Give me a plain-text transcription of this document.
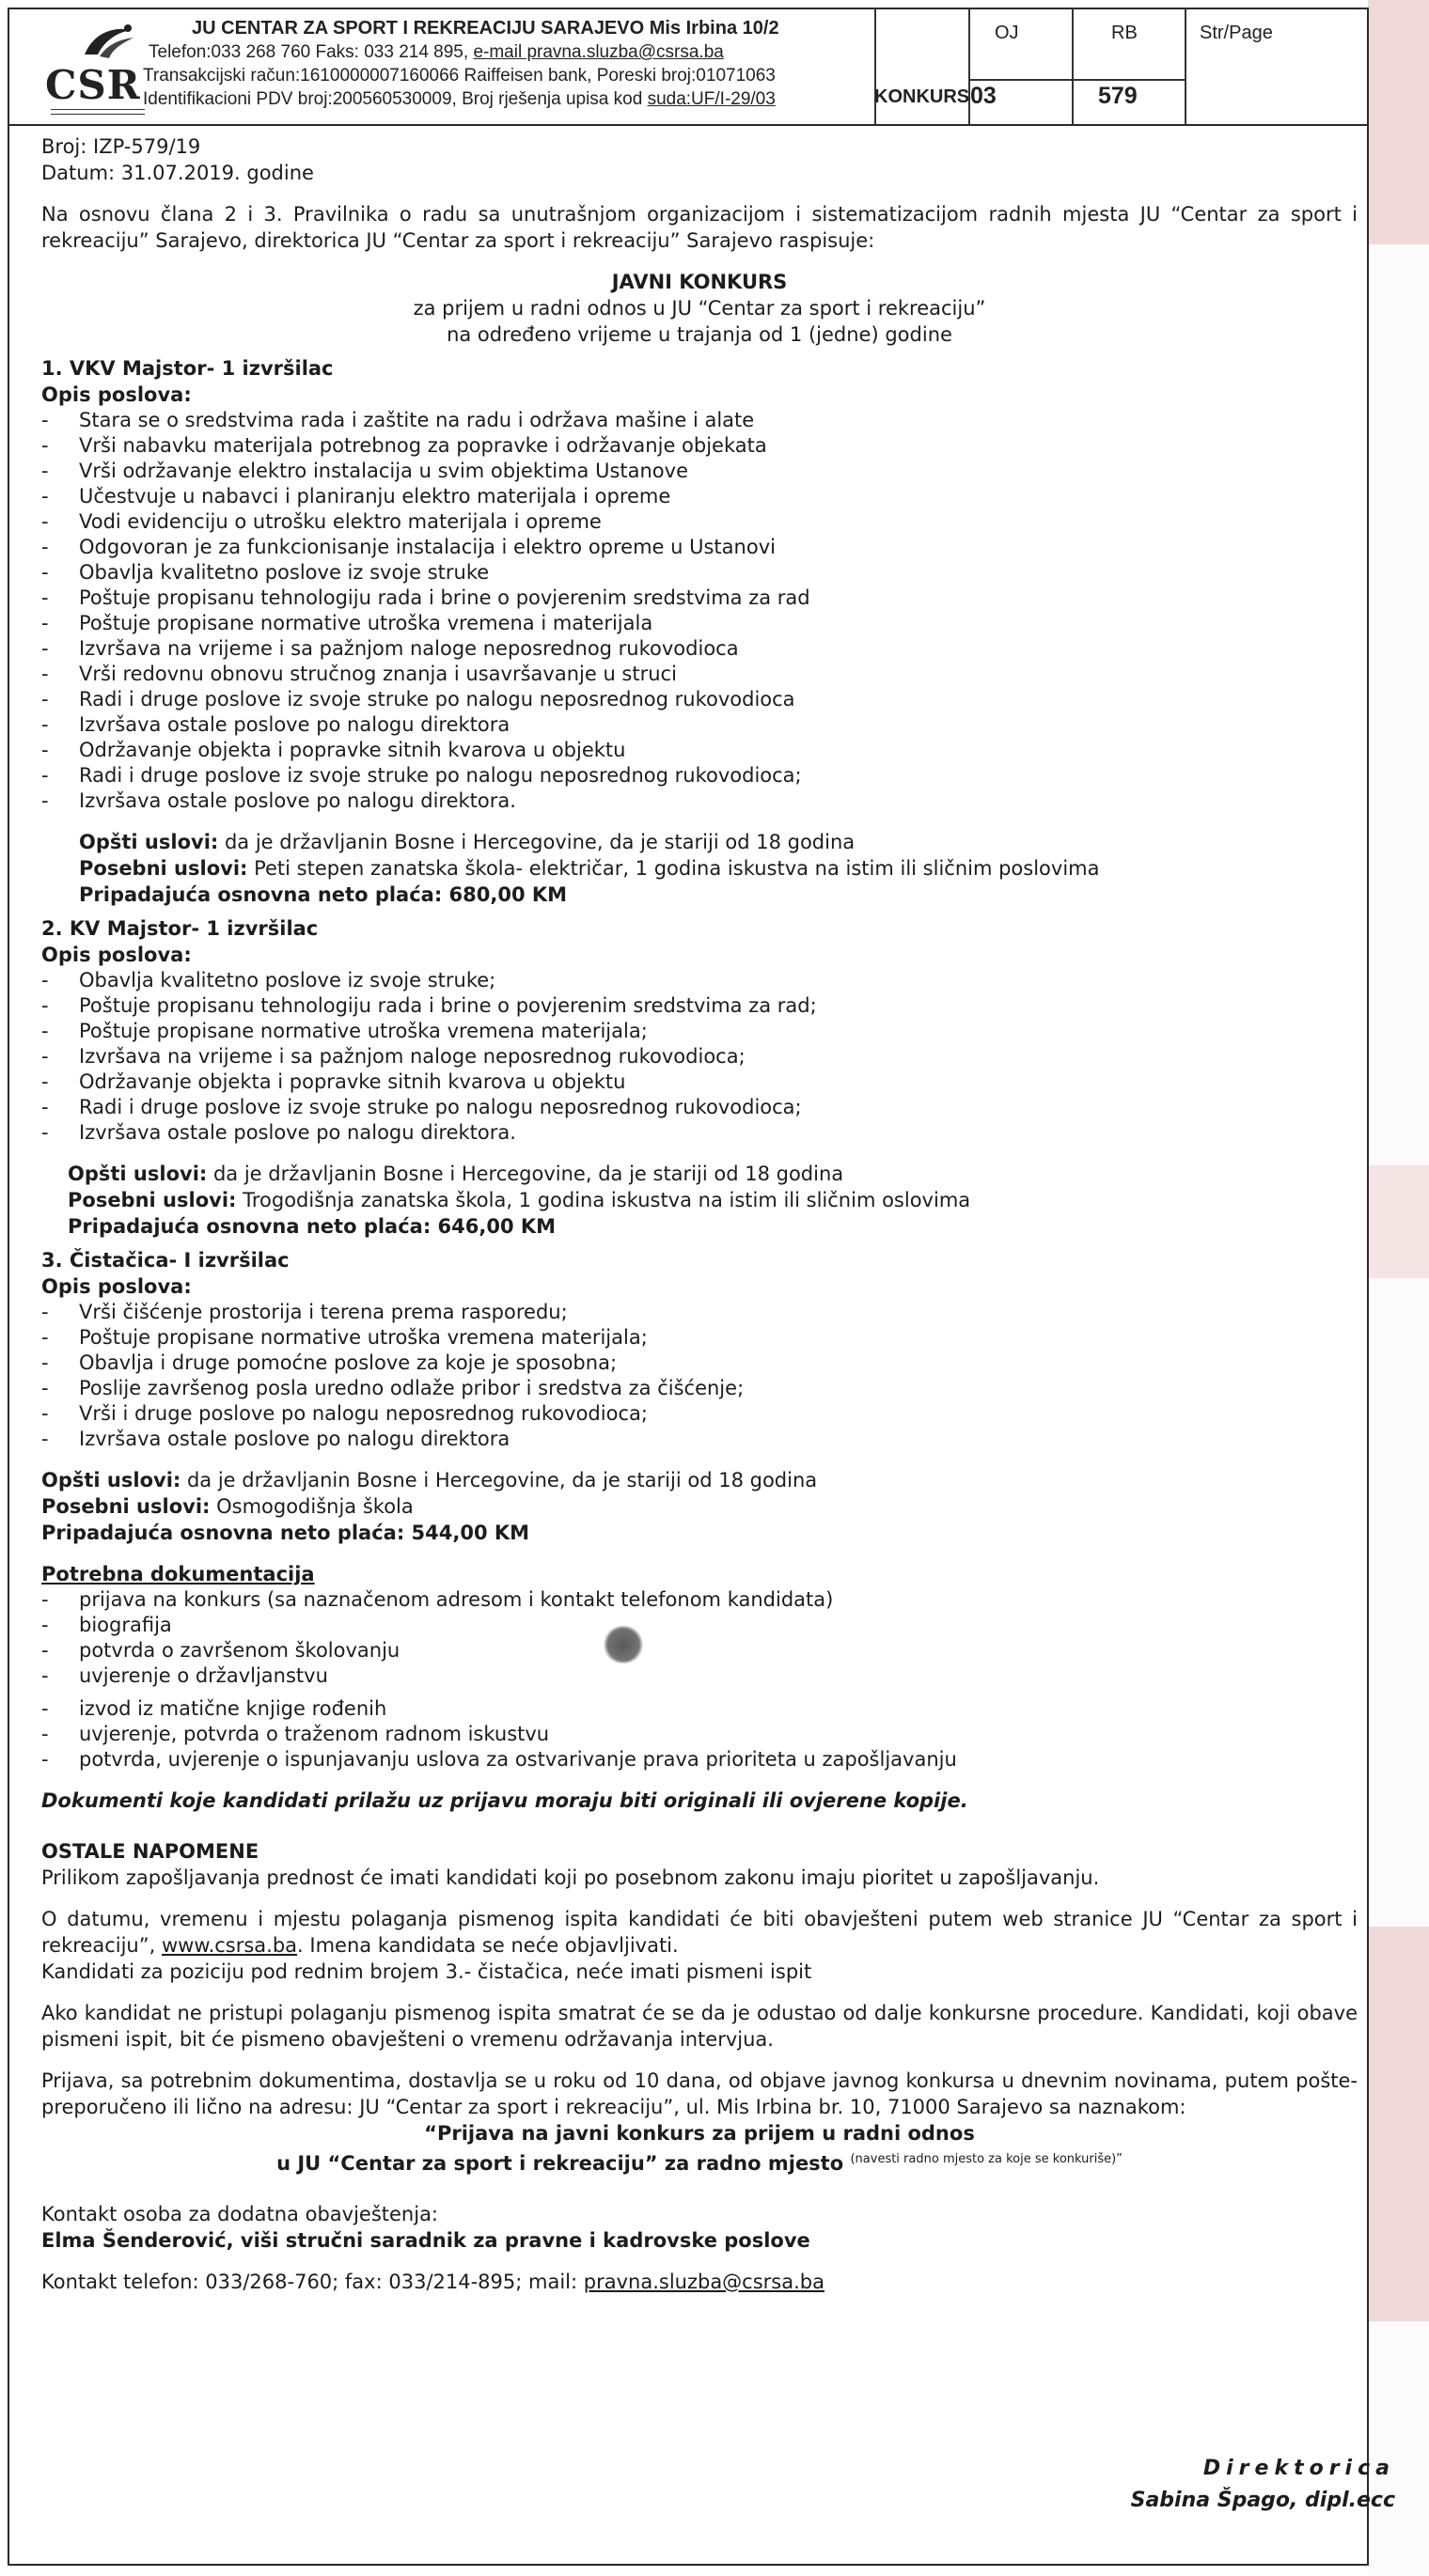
CSR
JU CENTAR ZA SPORT I REKREACIJU SARAJEVO Mis Irbina 10/2
Telefon:033 268 760 Faks: 033 214 895, e-mail pravna.sluzba@csrsa.ba
Transakcijski račun:1610000007160066 Raiffeisen bank, Poreski broj:01071063
Identifikacioni PDV broj:200560530009, Broj rješenja upisa kod suda:UF/I-29/03	KONKURS
OJ	RB	Str/Page
03	579

Broj: IZP-579/19

Datum: 31.07.2019. godine

Na osnovu člana 2 i 3. Pravilnika o radu sa unutrašnjom organizacijom i sistematizacijom radnih mjesta JU “Centar za sport i rekreaciju” Sarajevo, direktorica JU “Centar za sport i rekreaciju” Sarajevo raspisuje:

JAVNI KONKURS

za prijem u radni odnos u JU “Centar za sport i rekreaciju”

na određeno vrijeme u trajanja od 1 (jedne) godine

1. VKV Majstor- 1 izvršilac

Opis poslova:

- Stara se o sredstvima rada i zaštite na radu i održava mašine i alate
- Vrši nabavku materijala potrebnog za popravke i održavanje objekata
- Vrši održavanje elektro instalacija u svim objektima Ustanove
- Učestvuje u nabavci i planiranju elektro materijala i opreme
- Vodi evidenciju o utrošku elektro materijala i opreme
- Odgovoran je za funkcionisanje instalacija i elektro opreme u Ustanovi
- Obavlja kvalitetno poslove iz svoje struke
- Poštuje propisanu tehnologiju rada i brine o povjerenim sredstvima za rad
- Poštuje propisane normative utroška vremena i materijala
- Izvršava na vrijeme i sa pažnjom naloge neposrednog rukovodioca
- Vrši redovnu obnovu stručnog znanja i usavršavanje u struci
- Radi i druge poslove iz svoje struke po nalogu neposrednog rukovodioca
- Izvršava ostale poslove po nalogu direktora
- Održavanje objekta i popravke sitnih kvarova u objektu
- Radi i druge poslove iz svoje struke po nalogu neposrednog rukovodioca;
- Izvršava ostale poslove po nalogu direktora.

Opšti uslovi: da je državljanin Bosne i Hercegovine, da je stariji od 18 godina

Posebni uslovi: Peti stepen zanatska škola- električar, 1 godina iskustva na istim ili sličnim poslovima

Pripadajuća osnovna neto plaća: 680,00 KM

2. KV Majstor- 1 izvršilac

Opis poslova:

- Obavlja kvalitetno poslove iz svoje struke;
- Poštuje propisanu tehnologiju rada i brine o povjerenim sredstvima za rad;
- Poštuje propisane normative utroška vremena materijala;
- Izvršava na vrijeme i sa pažnjom naloge neposrednog rukovodioca;
- Održavanje objekta i popravke sitnih kvarova u objektu
- Radi i druge poslove iz svoje struke po nalogu neposrednog rukovodioca;
- Izvršava ostale poslove po nalogu direktora.

Opšti uslovi: da je državljanin Bosne i Hercegovine, da je stariji od 18 godina

Posebni uslovi: Trogodišnja zanatska škola, 1 godina iskustva na istim ili sličnim oslovima

Pripadajuća osnovna neto plaća: 646,00 KM

3. Čistačica- I izvršilac

Opis poslova:

- Vrši čišćenje prostorija i terena prema rasporedu;
- Poštuje propisane normative utroška vremena materijala;
- Obavlja i druge pomoćne poslove za koje je sposobna;
- Poslije završenog posla uredno odlaže pribor i sredstva za čišćenje;
- Vrši i druge poslove po nalogu neposrednog rukovodioca;
- Izvršava ostale poslove po nalogu direktora

Opšti uslovi: da je državljanin Bosne i Hercegovine, da je stariji od 18 godina

Posebni uslovi: Osmogodišnja škola

Pripadajuća osnovna neto plaća: 544,00 KM

Potrebna dokumentacija

- prijava na konkurs (sa naznačenom adresom i kontakt telefonom kandidata)
- biografija
- potvrda o završenom školovanju
- uvjerenje o državljanstvu
- izvod iz matične knjige rođenih
- uvjerenje, potvrda o traženom radnom iskustvu
- potvrda, uvjerenje o ispunjavanju uslova za ostvarivanje prava prioriteta u zapošljavanju

Dokumenti koje kandidati prilažu uz prijavu moraju biti originali ili ovjerene kopije.

OSTALE NAPOMENE

Prilikom zapošljavanja prednost će imati kandidati koji po posebnom zakonu imaju pioritet u zapošljavanju.

O datumu, vremenu i mjestu polaganja pismenog ispita kandidati će biti obavješteni putem web stranice JU “Centar za sport i rekreaciju”, www.csrsa.ba. Imena kandidata se neće objavljivati.

Kandidati za poziciju pod rednim brojem 3.- čistačica, neće imati pismeni ispit

Ako kandidat ne pristupi polaganju pismenog ispita smatrat će se da je odustao od dalje konkursne procedure. Kandidati, koji obave pismeni ispit, bit će pismeno obavješteni o vremenu održavanja intervjua.

Prijava, sa potrebnim dokumentima, dostavlja se u roku od 10 dana, od objave javnog konkursa u dnevnim novinama, putem pošte- preporučeno ili lično na adresu: JU “Centar za sport i rekreaciju”, ul. Mis Irbina br. 10, 71000 Sarajevo sa naznakom:

“Prijava na javni konkurs za prijem u radni odnos

u JU “Centar za sport i rekreaciju” za radno mjesto $^{(navesti radno mjesto za koje se konkuriše)”}$

Kontakt osoba za dodatna obavještenja:

Elma Šenderović, viši stručni saradnik za pravne i kadrovske poslove

Kontakt telefon: 033/268-760; fax: 033/214-895; mail: pravna.sluzba@csrsa.ba

Direktorica
Sabina Špago, dipl.ecc
